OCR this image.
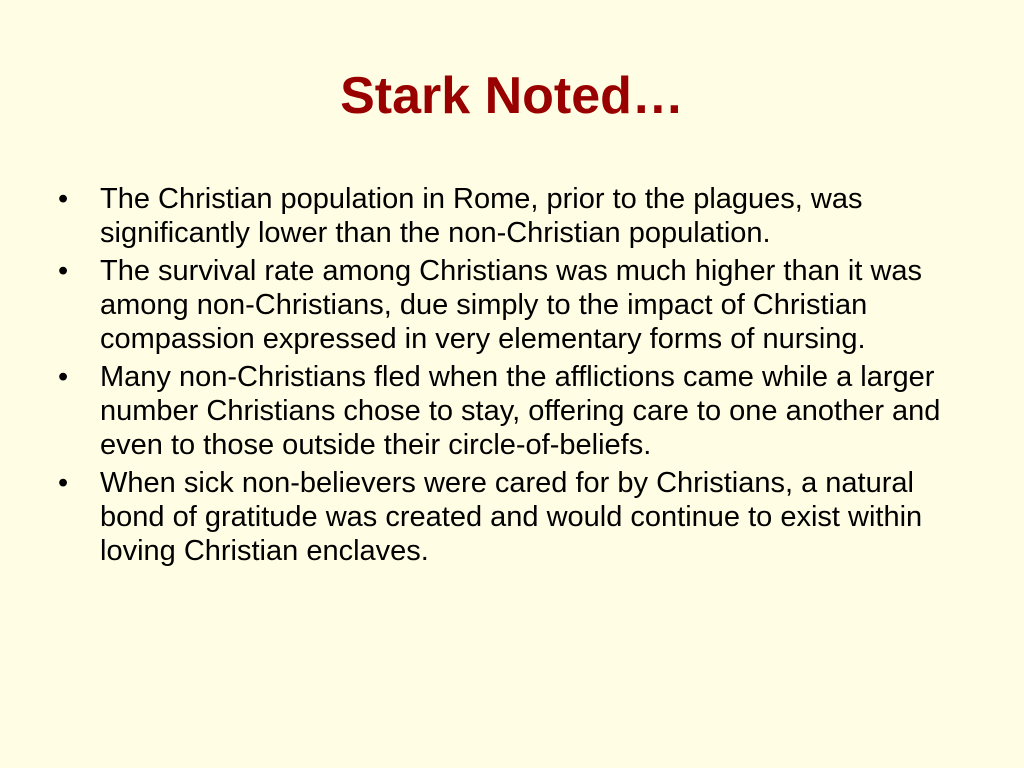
Stark Noted…
•	The Christian population in Rome, prior to the plagues, was significantly lower than the non-Christian population.
•	The survival rate among Christians was much higher than it was among non-Christians, due simply to the impact of Christian compassion expressed in very elementary forms of nursing.
•	Many non-Christians fled when the afflictions came while a larger number Christians chose to stay, offering care to one another and even to those outside their circle-of-beliefs.
•	When sick non-believers were cared for by Christians, a natural bond of gratitude was created and would continue to exist within loving Christian enclaves.
